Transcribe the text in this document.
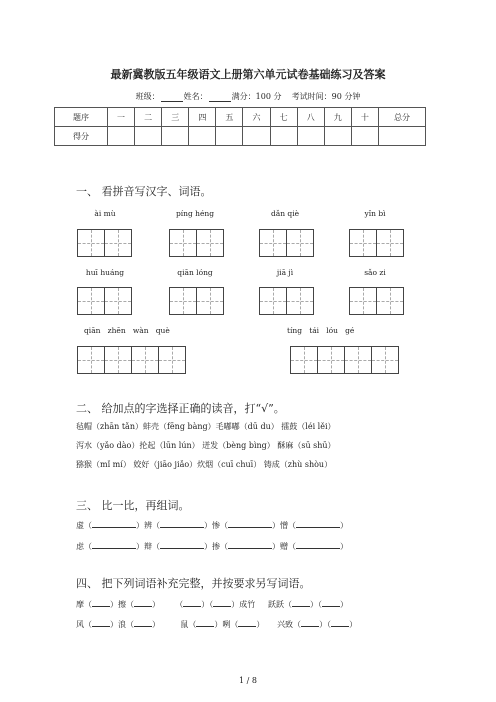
最新冀教版五年级语文上册第六单元试卷基础练习及答案
班级：	姓名：	满分：100 分 考试时间：90 分钟
题序	一	二	三	四	五	六	七	八	九	十	总分
得分											
一、 看拼音写汉字、词语。
ài mù	píng héng	dǎn qiè	yǐn bì
huī huáng	qiān lóng	jiā jì	sǎo zi
qiān   zhēn   wàn   què	tíng   tái   lóu   gé
二、 给加点的字选择正确的读音，打“√”。
毡帽（zhān tǎn）蚌壳（fēng bàng）毛嘟嘟（dū du） 擂鼓（léi lěi）
泻水（yǎo dào）抡起（lūn lún） 迸发（bèng bìng） 酥麻（sū shū）
猕猴（mǐ mí） 姣好（jiāo jiǎo）炊烟（cuī chuī） 铸成（zhù shòu）
三、 比一比，再组词。
虚（	）辨（	）惨（	）憎（	）
虑（	）辩（	）掺（	）赠（	）
四、 把下列词语补充完整，并按要求另写词语。
摩（ ）擦（ ） （ ）（ ）成竹 跃跃（ ）（ ）
风（ ）浪（ ）	鼠（ ）咧（ ） 兴致（ ）（ ）
1 / 8
